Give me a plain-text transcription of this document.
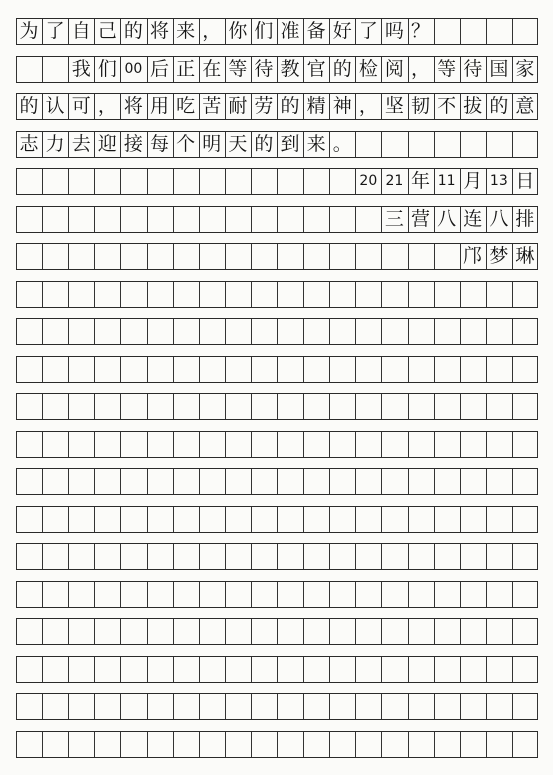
为 了 自 己 的 将 来 ， 你 们 准 备 好 了 吗 ？
我 们 00 后 正 在 等 待 教 官 的 检 阅 ， 等 待 国 家
的 认 可 ， 将 用 吃 苦 耐 劳 的 精 神 ， 坚 韧 不 拔 的 意
志 力 去 迎 接 每 个 明 天 的 到 来 。
20 21 年 11 月 13 日
三 营 八 连 八 排
邝 梦 琳
